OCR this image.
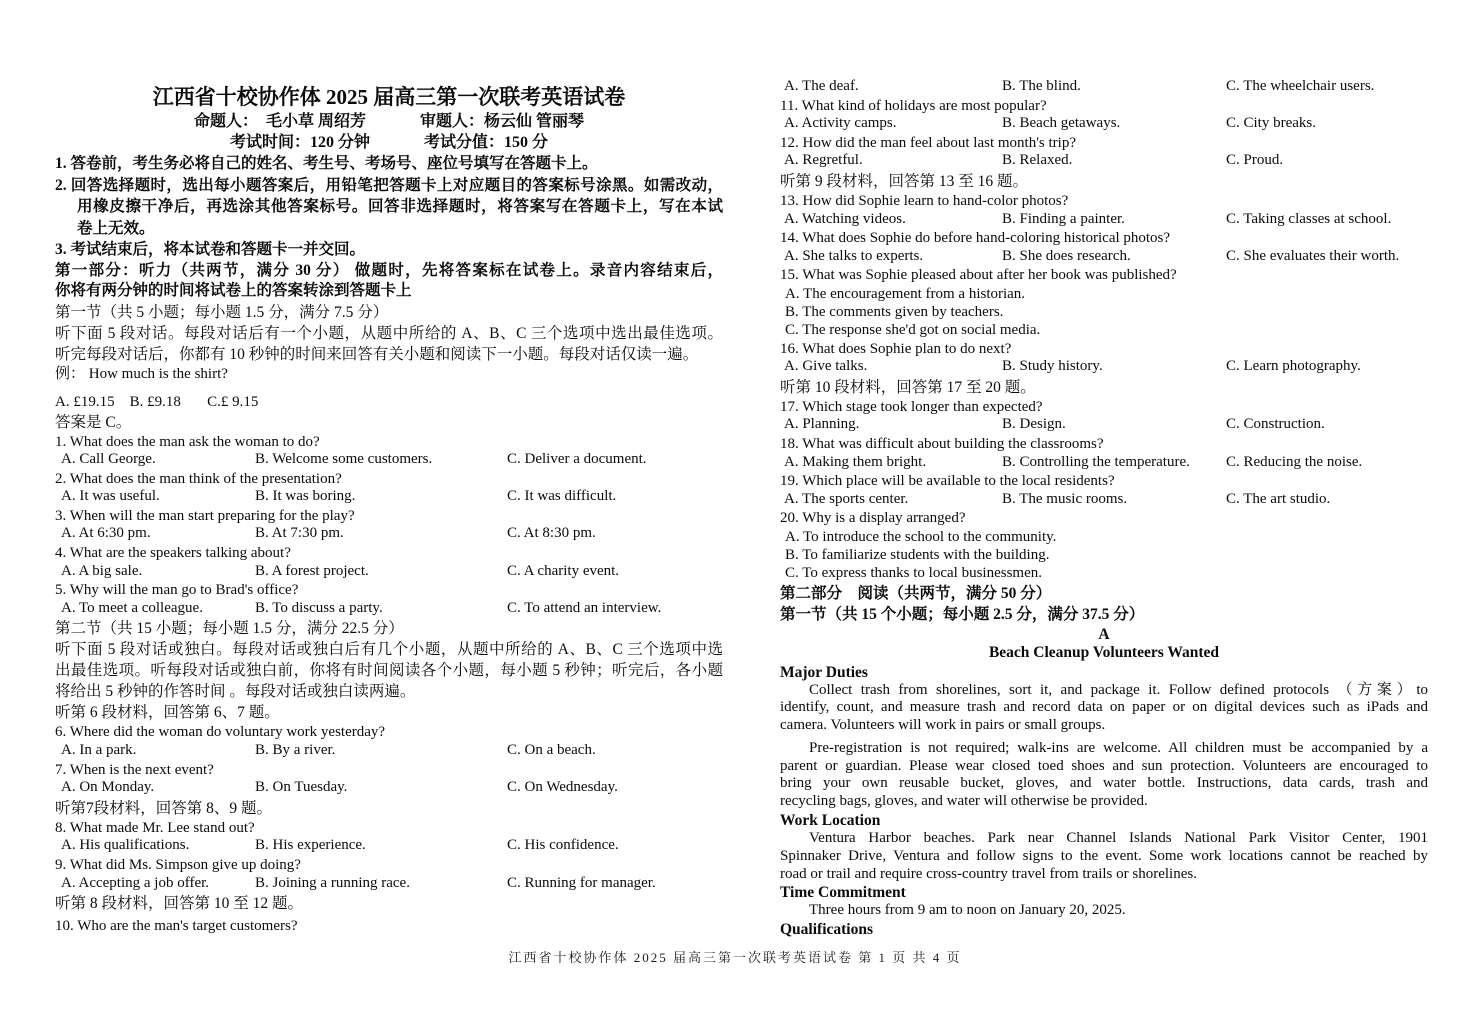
江西省十校协作体 2025 届高三第一次联考英语试卷
命题人：  毛小草 周绍芳	审题人：杨云仙 管丽琴
考试时间：120 分钟	考试分值：150 分
1. 答卷前，考生务必将自己的姓名、考生号、考场号、座位号填写在答题卡上。
2. 回答选择题时，选出每小题答案后，用铅笔把答题卡上对应题目的答案标号涂黑。如需改动，
用橡皮擦干净后，再选涂其他答案标号。回答非选择题时，将答案写在答题卡上，写在本试
卷上无效。
3. 考试结束后，将本试卷和答题卡一并交回。
第一部分：听力（共两节，满分 30 分） 做题时，先将答案标在试卷上。录音内容结束后，
你将有两分钟的时间将试卷上的答案转涂到答题卡上
第一节（共 5 小题；每小题 1.5 分，满分 7.5 分）
听下面 5 段对话。每段对话后有一个小题，从题中所给的 A、B、C 三个选项中选出最佳选项。
听完每段对话后，你都有 10 秒钟的时间来回答有关小题和阅读下一小题。每段对话仅读一遍。
例： How much is the shirt?
A. £19.15    B. £9.18       C.£ 9.15
答案是 C。
1. What does the man ask the woman to do?
A. Call George.	B. Welcome some customers.	C. Deliver a document.
2. What does the man think of the presentation?
A. It was useful.	B. It was boring.	C. It was difficult.
3. When will the man start preparing for the play?
A. At 6:30 pm.	B. At 7:30 pm.	C. At 8:30 pm.
4. What are the speakers talking about?
A. A big sale.	B. A forest project.	C. A charity event.
5. Why will the man go to Brad's office?
A. To meet a colleague.	B. To discuss a party.	C. To attend an interview.
第二节（共 15 小题；每小题 1.5 分，满分 22.5 分）
听下面 5 段对话或独白。每段对话或独白后有几个小题，从题中所给的 A、B、C 三个选项中选
出最佳选项。听每段对话或独白前，你将有时间阅读各个小题，每小题 5 秒钟；听完后，各小题
将给出 5 秒钟的作答时间 。每段对话或独白读两遍。
听第 6 段材料，回答第 6、7 题。
6. Where did the woman do voluntary work yesterday?
A. In a park.	B. By a river.	C. On a beach.
7. When is the next event?
A. On Monday.	B. On Tuesday.	C. On Wednesday.
听第7段材料，回答第 8、9 题。
8. What made Mr. Lee stand out?
A. His qualifications.	B. His experience.	C. His confidence.
9. What did Ms. Simpson give up doing?
A. Accepting a job offer.	B. Joining a running race.	C. Running for manager.
听第 8 段材料，回答第 10 至 12 题。
10. Who are the man's target customers?
A. The deaf.	B. The blind.	C. The wheelchair users.
11. What kind of holidays are most popular?
A. Activity camps.	B. Beach getaways.	C. City breaks.
12. How did the man feel about last month's trip?
A. Regretful.	B. Relaxed.	C. Proud.
听第 9 段材料，回答第 13 至 16 题。
13. How did Sophie learn to hand-color photos?
A. Watching videos.	B. Finding a painter.	C. Taking classes at school.
14. What does Sophie do before hand-coloring historical photos?
A. She talks to experts.	B. She does research.	C. She evaluates their worth.
15. What was Sophie pleased about after her book was published?
A. The encouragement from a historian.
B. The comments given by teachers.
C. The response she'd got on social media.
16. What does Sophie plan to do next?
A. Give talks.	B. Study history.	C. Learn photography.
听第 10 段材料，回答第 17 至 20 题。
17. Which stage took longer than expected?
A. Planning.	B. Design.	C. Construction.
18. What was difficult about building the classrooms?
A. Making them bright.	B. Controlling the temperature. C. Reducing the noise.
19. Which place will be available to the local residents?
A. The sports center.	B. The music rooms.	C. The art studio.
20. Why is a display arranged?
A. To introduce the school to the community.
B. To familiarize students with the building.
C. To express thanks to local businessmen.
第二部分　阅读（共两节，满分 50 分）
第一节（共 15 个小题；每小题 2.5 分，满分 37.5 分）
A
Beach Cleanup Volunteers Wanted
Major Duties
Collect trash from shorelines, sort it, and package it. Follow defined protocols （方案）to
identify, count, and measure trash and record data on paper or on digital devices such as iPads and
camera. Volunteers will work in pairs or small groups.
Pre-registration is not required; walk-ins are welcome. All children must be accompanied by a
parent or guardian. Please wear closed toed shoes and sun protection. Volunteers are encouraged to
bring your own reusable bucket, gloves, and water bottle. Instructions, data cards, trash and
recycling bags, gloves, and water will otherwise be provided.
Work Location
Ventura Harbor beaches. Park near Channel Islands National Park Visitor Center, 1901
Spinnaker Drive, Ventura and follow signs to the event. Some work locations cannot be reached by
road or trail and require cross-country travel from trails or shorelines.
Time Commitment
Three hours from 9 am to noon on January 20, 2025.
Qualifications
江西省十校协作体 2025 届高三第一次联考英语试卷 第 1 页 共 4 页
